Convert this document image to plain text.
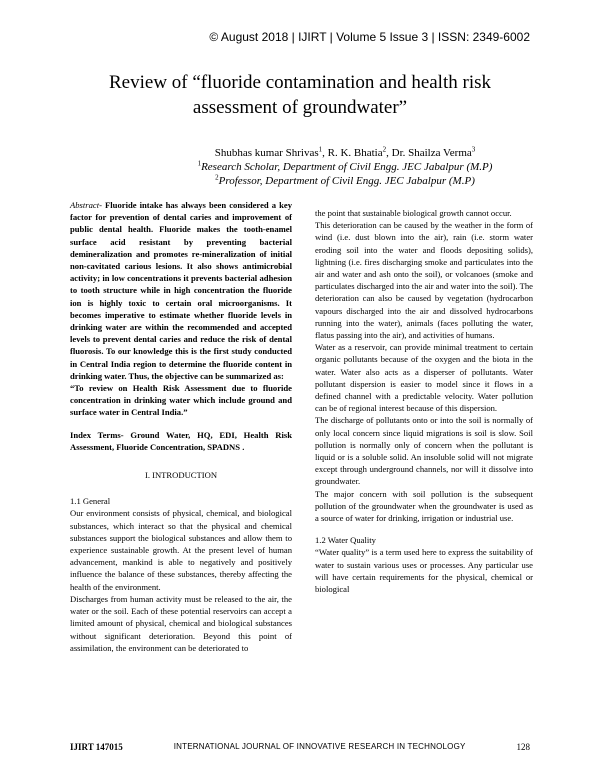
© August 2018 | IJIRT | Volume 5 Issue 3 | ISSN: 2349-6002
Review of “fluoride contamination and health risk
assessment of groundwater”
Shubhas kumar Shrivas$^1$, R. K. Bhatia$^2$, Dr. Shailza Verma$^3$
$^1$Research Scholar, Department of Civil Engg. JEC Jabalpur (M.P)
$^2$Professor, Department of Civil Engg. JEC Jabalpur (M.P)
Abstract- Fluoride intake has always been considered a key factor for prevention of dental caries and improvement of public dental health. Fluoride makes the tooth-enamel surface acid resistant by preventing bacterial demineralization and promotes re-mineralization of initial non-cavitated carious lesions. It also shows antimicrobial activity; in low concentrations it prevents bacterial adhesion to tooth structure while in high concentration the fluoride ion is highly toxic to certain oral microorganisms. It becomes imperative to estimate whether fluoride levels in drinking water are within the recommended and accepted levels to prevent dental caries and reduce the risk of dental fluorosis. To our knowledge this is the first study conducted in Central India region to determine the fluoride content in drinking water. Thus, the objective can be summarized as:
“To review on Health Risk Assessment due to fluoride concentration in drinking water which include ground and surface water in Central India.”
Index Terms- Ground Water, HQ, EDI, Health Risk Assessment, Fluoride Concentration, SPADNS .
I. INTRODUCTION
1.1 General
Our environment consists of physical, chemical, and biological substances, which interact so that the physical and chemical substances support the biological substances and allow them to experience sustainable growth. At the present level of human advancement, mankind is able to negatively and positively influence the balance of these substances, thereby affecting the health of the environment.
Discharges from human activity must be released to the air, the water or the soil. Each of these potential reservoirs can accept a limited amount of physical, chemical and biological substances without significant deterioration. Beyond this point of assimilation, the environment can be deteriorated to
the point that sustainable biological growth cannot occur.
This deterioration can be caused by the weather in the form of wind (i.e. dust blown into the air), rain (i.e. storm water eroding soil into the water and floods depositing solids), lightning (i.e. fires discharging smoke and particulates into the air and water and ash onto the soil), or volcanoes (smoke and particulates discharged into the air and water into the soil). The deterioration can also be caused by vegetation (hydrocarbon vapours discharged into the air and dissolved hydrocarbons running into the water), animals (faces polluting the water, flatus passing into the air), and activities of humans.
Water as a reservoir, can provide minimal treatment to certain organic pollutants because of the oxygen and the biota in the water. Water also acts as a disperser of pollutants. Water pollutant dispersion is easier to model since it flows in a defined channel with a predictable velocity. Water pollution can be of regional interest because of this dispersion.
The discharge of pollutants onto or into the soil is normally of only local concern since liquid migrations is soil is slow. Soil pollution is normally only of concern when the pollutant is liquid or is a soluble solid. An insoluble solid will not migrate except through underground channels, nor will it dissolve into groundwater.
The major concern with soil pollution is the subsequent pollution of the groundwater when the groundwater is used as a source of water for drinking, irrigation or industrial use.
1.2 Water Quality
“Water quality” is a term used here to express the suitability of water to sustain various uses or processes. Any particular use will have certain requirements for the physical, chemical or biological
IJIRT 147015	INTERNATIONAL JOURNAL OF INNOVATIVE RESEARCH IN TECHNOLOGY	128
